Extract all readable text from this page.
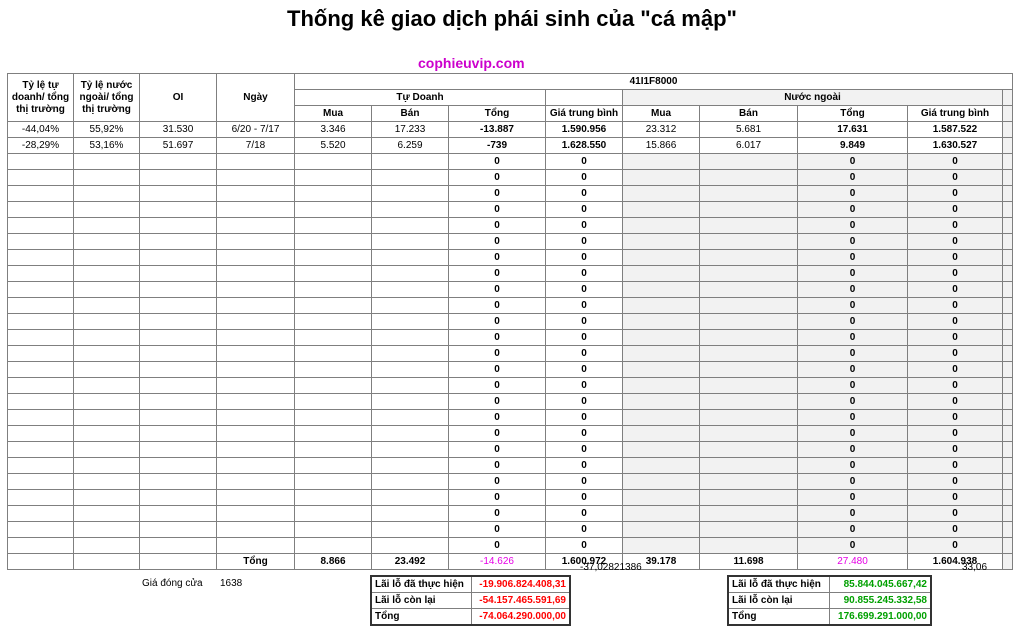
Thống kê giao dịch phái sinh của "cá mập"
cophieuvip.com
Tỷ lệ tự doanh/ tổng thị trường	Tỷ lệ nước ngoài/ tổng thị trường	OI	Ngày	41I1F8000								
				Tự Doanh				Nước ngoài				
				Mua	Bán	Tổng	Giá trung bình	Mua	Bán	Tổng	Giá trung bình	
-44,04%	55,92%	31.530	6/20 - 7/17	3.346	17.233	-13.887	1.590.956	23.312	5.681	17.631	1.587.522	
-28,29%	53,16%	51.697	7/18	5.520	6.259	-739	1.628.550	15.866	6.017	9.849	1.630.527	
						0	0			0	0	
						0	0			0	0	
						0	0			0	0	
						0	0			0	0	
						0	0			0	0	
						0	0			0	0	
						0	0			0	0	
						0	0			0	0	
						0	0			0	0	
						0	0			0	0	
						0	0			0	0	
						0	0			0	0	
						0	0			0	0	
						0	0			0	0	
						0	0			0	0	
						0	0			0	0	
						0	0			0	0	
						0	0			0	0	
						0	0			0	0	
						0	0			0	0	
						0	0			0	0	
						0	0			0	0	
						0	0			0	0	
						0	0			0	0	
						0	0			0	0	
			Tổng	8.866	23.492	-14.626	1.600.972	39.178	11.698	27.480	1.604.938	
-37,02821386	33,06
Giá đóng cửa 1638	Lãi lỗ đã thực hiện	-19.906.824.408,31
Lãi lỗ còn lại	-54.157.465.591,69
Tổng	-74.064.290.000,00
Lãi lỗ đã thực hiện	85.844.045.667,42
Lãi lỗ còn lại	90.855.245.332,58
Tổng	176.699.291.000,00
